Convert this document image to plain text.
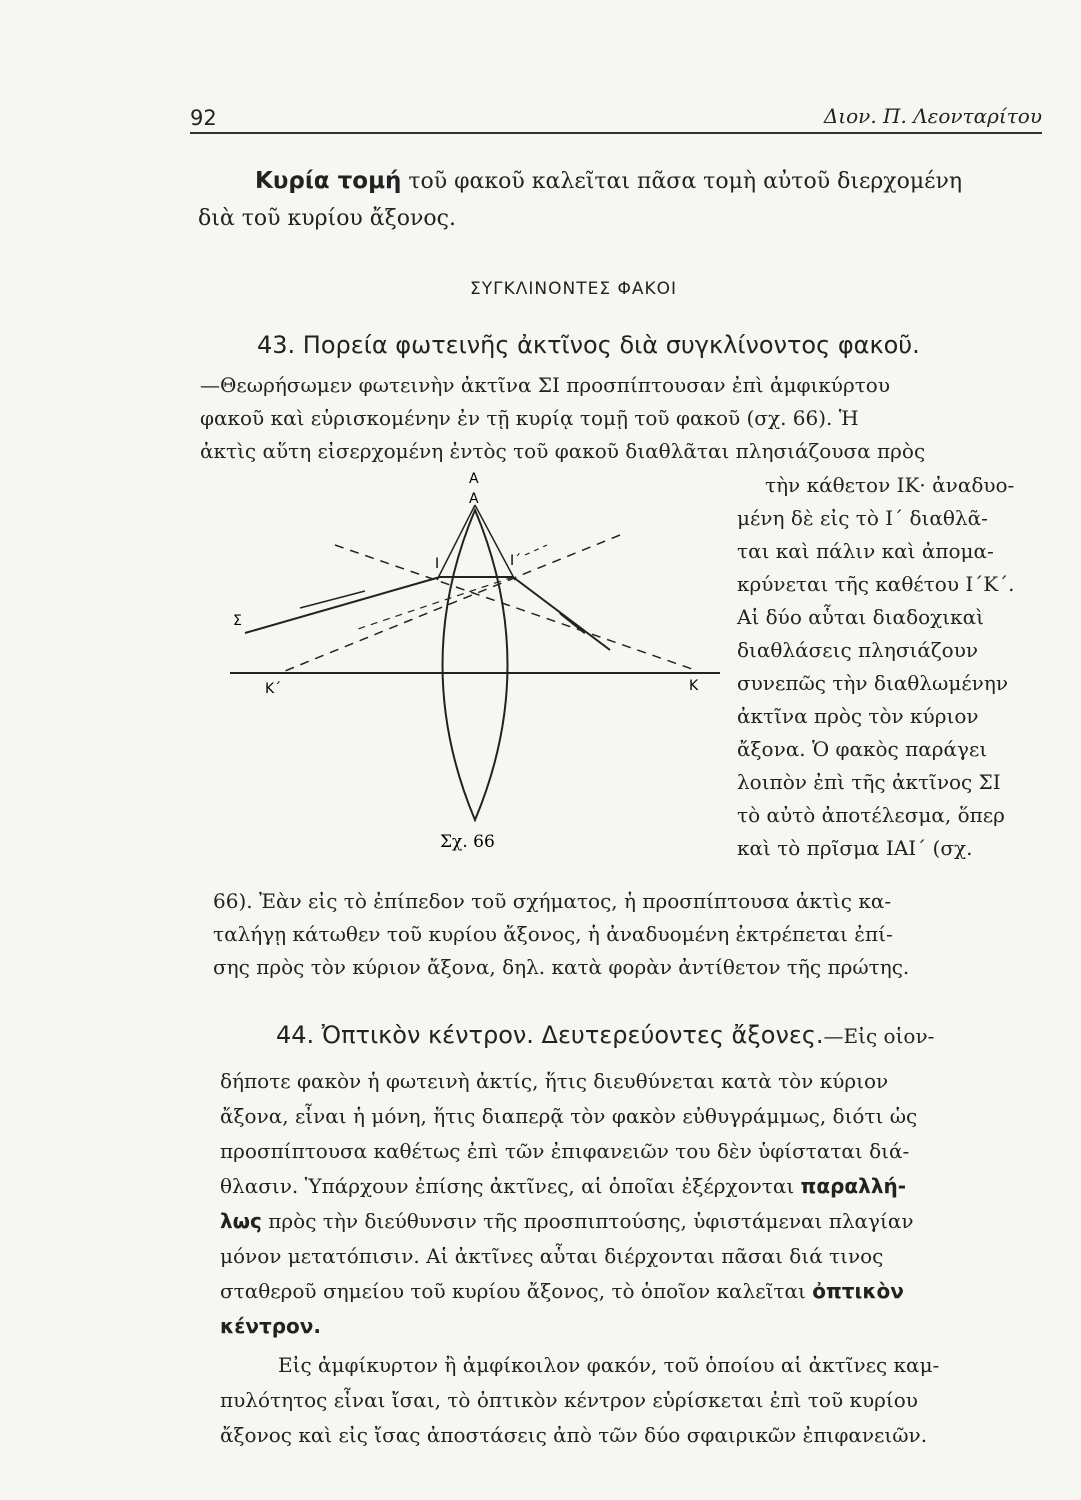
92	Διον. Π. Λεονταρίτου
Κυρία τομή τοῦ φακοῦ καλεῖται πᾶσα τομὴ αὐτοῦ διερχομένη
διὰ τοῦ κυρίου ἄξονος.
ΣΥΓΚΛΙΝΟΝΤΕΣ ΦΑΚΟΙ
43. Πορεία φωτεινῆς ἀκτῖνος διὰ συγκλίνοντος φακοῦ.
—Θεωρήσωμεν φωτεινὴν ἀκτῖνα ΣΙ προσπίπτουσαν ἐπὶ ἀμφικύρτου
φακοῦ καὶ εὑρισκομένην ἐν τῇ κυρίᾳ τομῇ τοῦ φακοῦ (σχ. 66). Ἡ
ἀκτὶς αὕτη εἰσερχομένη ἐντὸς τοῦ φακοῦ διαθλᾶται πλησιάζουσα πρὸς
τὴν κάθετον ΙΚ· ἀναδυο-
μένη δὲ εἰς τὸ Ι΄ διαθλᾶ-
ται καὶ πάλιν καὶ ἀπομα-
κρύνεται τῆς καθέτου Ι΄Κ΄.
Αἱ δύο αὗται διαδοχικαὶ
διαθλάσεις πλησιάζουν
συνεπῶς τὴν διαθλωμένην
ἀκτῖνα πρὸς τὸν κύριον
ἄξονα. Ὁ φακὸς παράγει
λοιπὸν ἐπὶ τῆς ἀκτῖνος ΣΙ
τὸ αὐτὸ ἀποτέλεσμα, ὅπερ
καὶ τὸ πρῖσμα ΙΑΙ΄ (σχ.
66). Ἐὰν εἰς τὸ ἐπίπεδον τοῦ σχήματος, ἡ προσπίπτουσα ἀκτὶς κα-
ταλήγῃ κάτωθεν τοῦ κυρίου ἄξονος, ἡ ἀναδυομένη ἐκτρέπεται ἐπί-
σης πρὸς τὸν κύριον ἄξονα, δηλ. κατὰ φορὰν ἀντίθετον τῆς πρώτης.
Α
Α
Ι	Ι΄
Σ
Κ
Κ΄
Σχ. 66
44. Ὀπτικὸν κέντρον. Δευτερεύοντες ἄξονες.—Εἰς οἱον-
δήποτε φακὸν ἡ φωτεινὴ ἀκτίς, ἥτις διευθύνεται κατὰ τὸν κύριον
ἄξονα, εἶναι ἡ μόνη, ἥτις διαπερᾷ τὸν φακὸν εὐθυγράμμως, διότι ὡς
προσπίπτουσα καθέτως ἐπὶ τῶν ἐπιφανειῶν του δὲν ὑφίσταται διά-
θλασιν. Ὑπάρχουν ἐπίσης ἀκτῖνες, αἱ ὁποῖαι ἐξέρχονται παραλλή-
λως πρὸς τὴν διεύθυνσιν τῆς προσπιπτούσης, ὑφιστάμεναι πλαγίαν
μόνον μετατόπισιν. Αἱ ἀκτῖνες αὗται διέρχονται πᾶσαι διά τινος
σταθεροῦ σημείου τοῦ κυρίου ἄξονος, τὸ ὁποῖον καλεῖται ὀπτικὸν
κέντρον.
Εἰς ἀμφίκυρτον ἢ ἀμφίκοιλον φακόν, τοῦ ὁποίου αἱ ἀκτῖνες καμ-
πυλότητος εἶναι ἴσαι, τὸ ὀπτικὸν κέντρον εὑρίσκεται ἐπὶ τοῦ κυρίου
ἄξονος καὶ εἰς ἴσας ἀποστάσεις ἀπὸ τῶν δύο σφαιρικῶν ἐπιφανειῶν.
